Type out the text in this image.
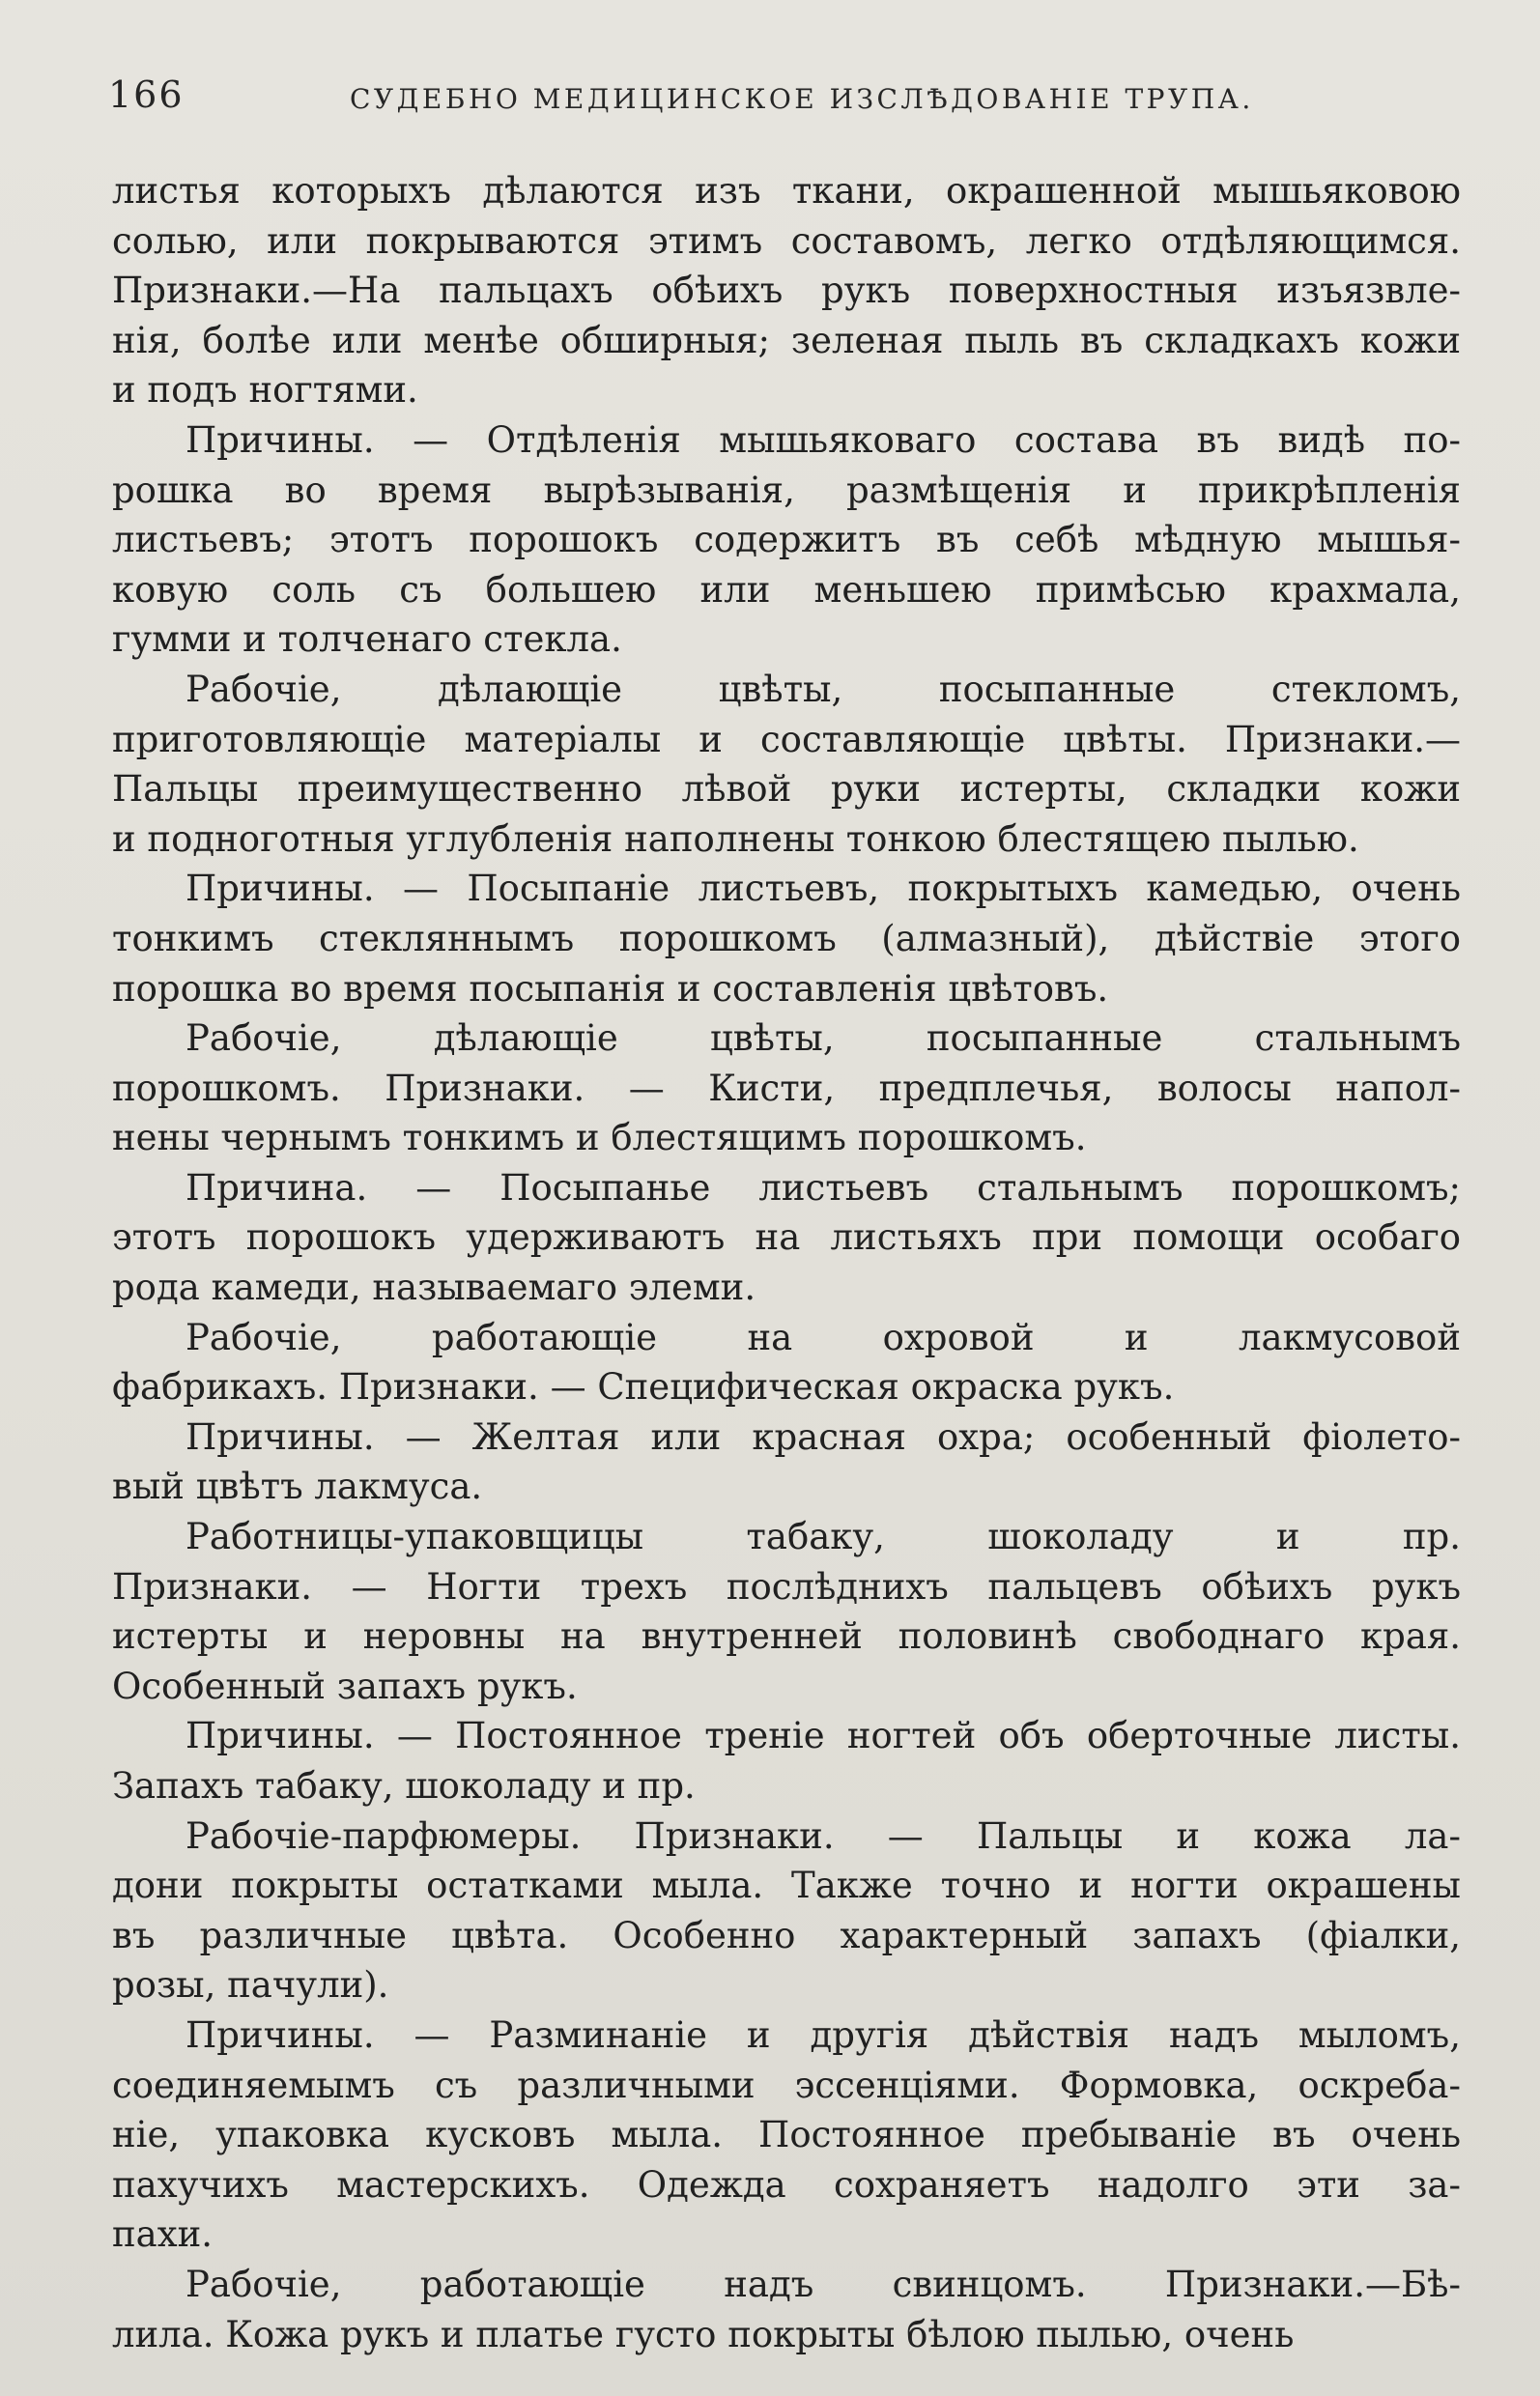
166	СУДЕБНО МЕДИЦИНСКОЕ ИЗСЛѢДОВАНІЕ ТРУПА.
листья которыхъ дѣлаются изъ ткани, окрашенной мышьяковою
солью, или покрываются этимъ составомъ, легко отдѣляющимся.
Признаки.—На пальцахъ обѣихъ рукъ поверхностныя изъязвле-
нія, болѣе или менѣе обширныя; зеленая пыль въ складкахъ кожи
и подъ ногтями.
Причины. — Отдѣленія мышьяковаго состава въ видѣ по-
рошка во время вырѣзыванія, размѣщенія и прикрѣпленія
листьевъ; этотъ порошокъ содержитъ въ себѣ мѣдную мышья-
ковую соль съ большею или меньшею примѣсью крахмала,
гумми и толченаго стекла.
Рабочіе, дѣлающіе цвѣты, посыпанные стекломъ,
приготовляющіе матеріалы и составляющіе цвѣты. Признаки.—
Пальцы преимущественно лѣвой руки истерты, складки кожи
и подноготныя углубленія наполнены тонкою блестящею пылью.
Причины. — Посыпаніе листьевъ, покрытыхъ камедью, очень
тонкимъ стекляннымъ порошкомъ (алмазный), дѣйствіе этого
порошка во время посыпанія и составленія цвѣтовъ.
Рабочіе, дѣлающіе цвѣты, посыпанные стальнымъ
порошкомъ. Признаки. — Кисти, предплечья, волосы напол-
нены чернымъ тонкимъ и блестящимъ порошкомъ.
Причина. — Посыпанье листьевъ стальнымъ порошкомъ;
этотъ порошокъ удерживаютъ на листьяхъ при помощи особаго
рода камеди, называемаго элеми.
Рабочіе, работающіе на охровой и лакмусовой
фабрикахъ. Признаки. — Специфическая окраска рукъ.
Причины. — Желтая или красная охра; особенный фіолето-
вый цвѣтъ лакмуса.
Работницы-упаковщицы табаку, шоколаду и пр.
Признаки. — Ногти трехъ послѣднихъ пальцевъ обѣихъ рукъ
истерты и неровны на внутренней половинѣ свободнаго края.
Особенный запахъ рукъ.
Причины. — Постоянное треніе ногтей объ оберточные листы.
Запахъ табаку, шоколаду и пр.
Рабочіе-парфюмеры. Признаки. — Пальцы и кожа ла-
дони покрыты остатками мыла. Также точно и ногти окрашены
въ различные цвѣта. Особенно характерный запахъ (фіалки,
розы, пачули).
Причины. — Разминаніе и другія дѣйствія надъ мыломъ,
соединяемымъ съ различными эссенціями. Формовка, оскреба-
ніе, упаковка кусковъ мыла. Постоянное пребываніе въ очень
пахучихъ мастерскихъ. Одежда сохраняетъ надолго эти за-
пахи.
Рабочіе, работающіе надъ свинцомъ. Признаки.—Бѣ-
лила. Кожа рукъ и платье густо покрыты бѣлою пылью, очень
